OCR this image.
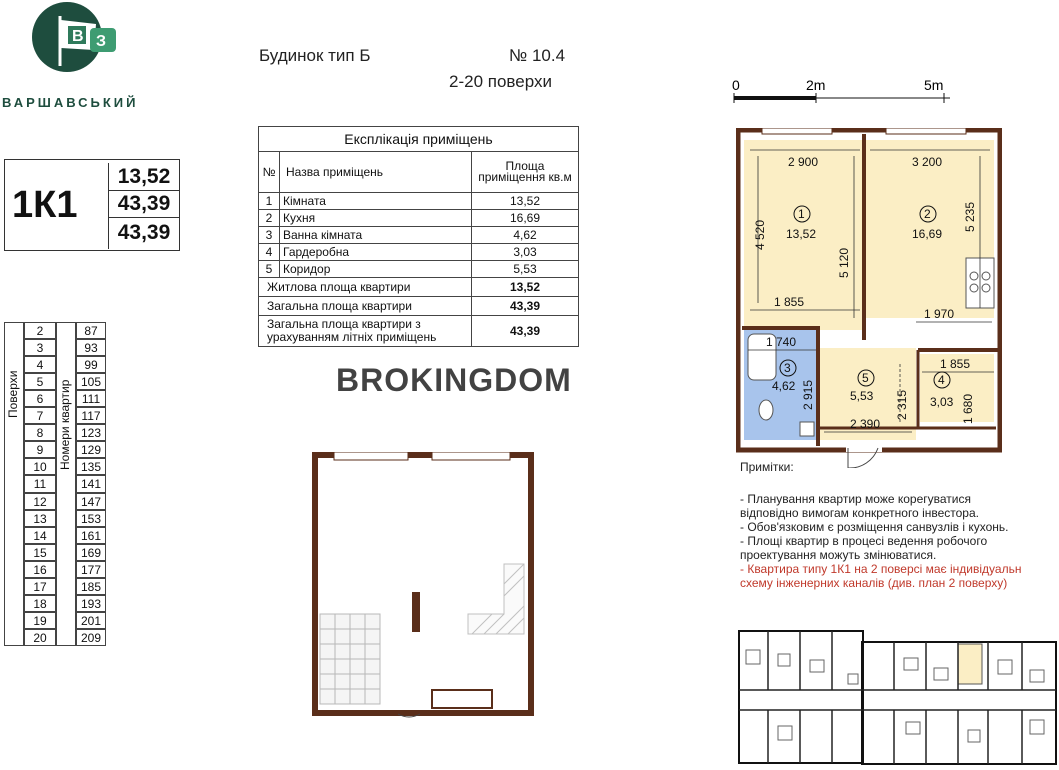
В З
ВАРШАВСЬКИЙ
Будинок тип Б	№ 10.4
2-20 поверхи
1К1
13,52
43,39
43,39
Експлікація приміщень		
№	Назва приміщень	Площа приміщення кв.м
1	Кімната	13,52
2	Кухня	16,69
3	Ванна кімната	4,62
4	Гардеробна	3,03
5	Коридор	5,53
Житлова площа квартири		13,52
Загальна площа квартири		43,39
Загальна площа квартири з урахуванням літніх приміщень		43,39
Поверхи	Номери квартир
2	87
3	93
4	99
5	105
6	111
7	117
8	123
9	129
10	135
11	141
12	147
13	153
14	161
15	169
16	177
17	185
18	193
19	201
20	209
BROKINGDOM
0	2m	5m
2 900	3 200
4 520
5 120
5 235
1 855
1 970
1 740
1 855
2 915	2 315	1 680
2 390
1
13,52
2
16,69
3
4,62
5
5,53
4
3,03
Примітки:
- Планування квартир може корегуватися
відповідно вимогам конкретного інвестора.
- Обов'язковим є розміщення санвузлів і кухонь.
- Площі квартир в процесі ведення робочого
проектування можуть змінюватися.
- Квартира типу 1К1 на 2 поверсі має індивідуальн
схему інженерних каналів (див. план 2 поверху)
